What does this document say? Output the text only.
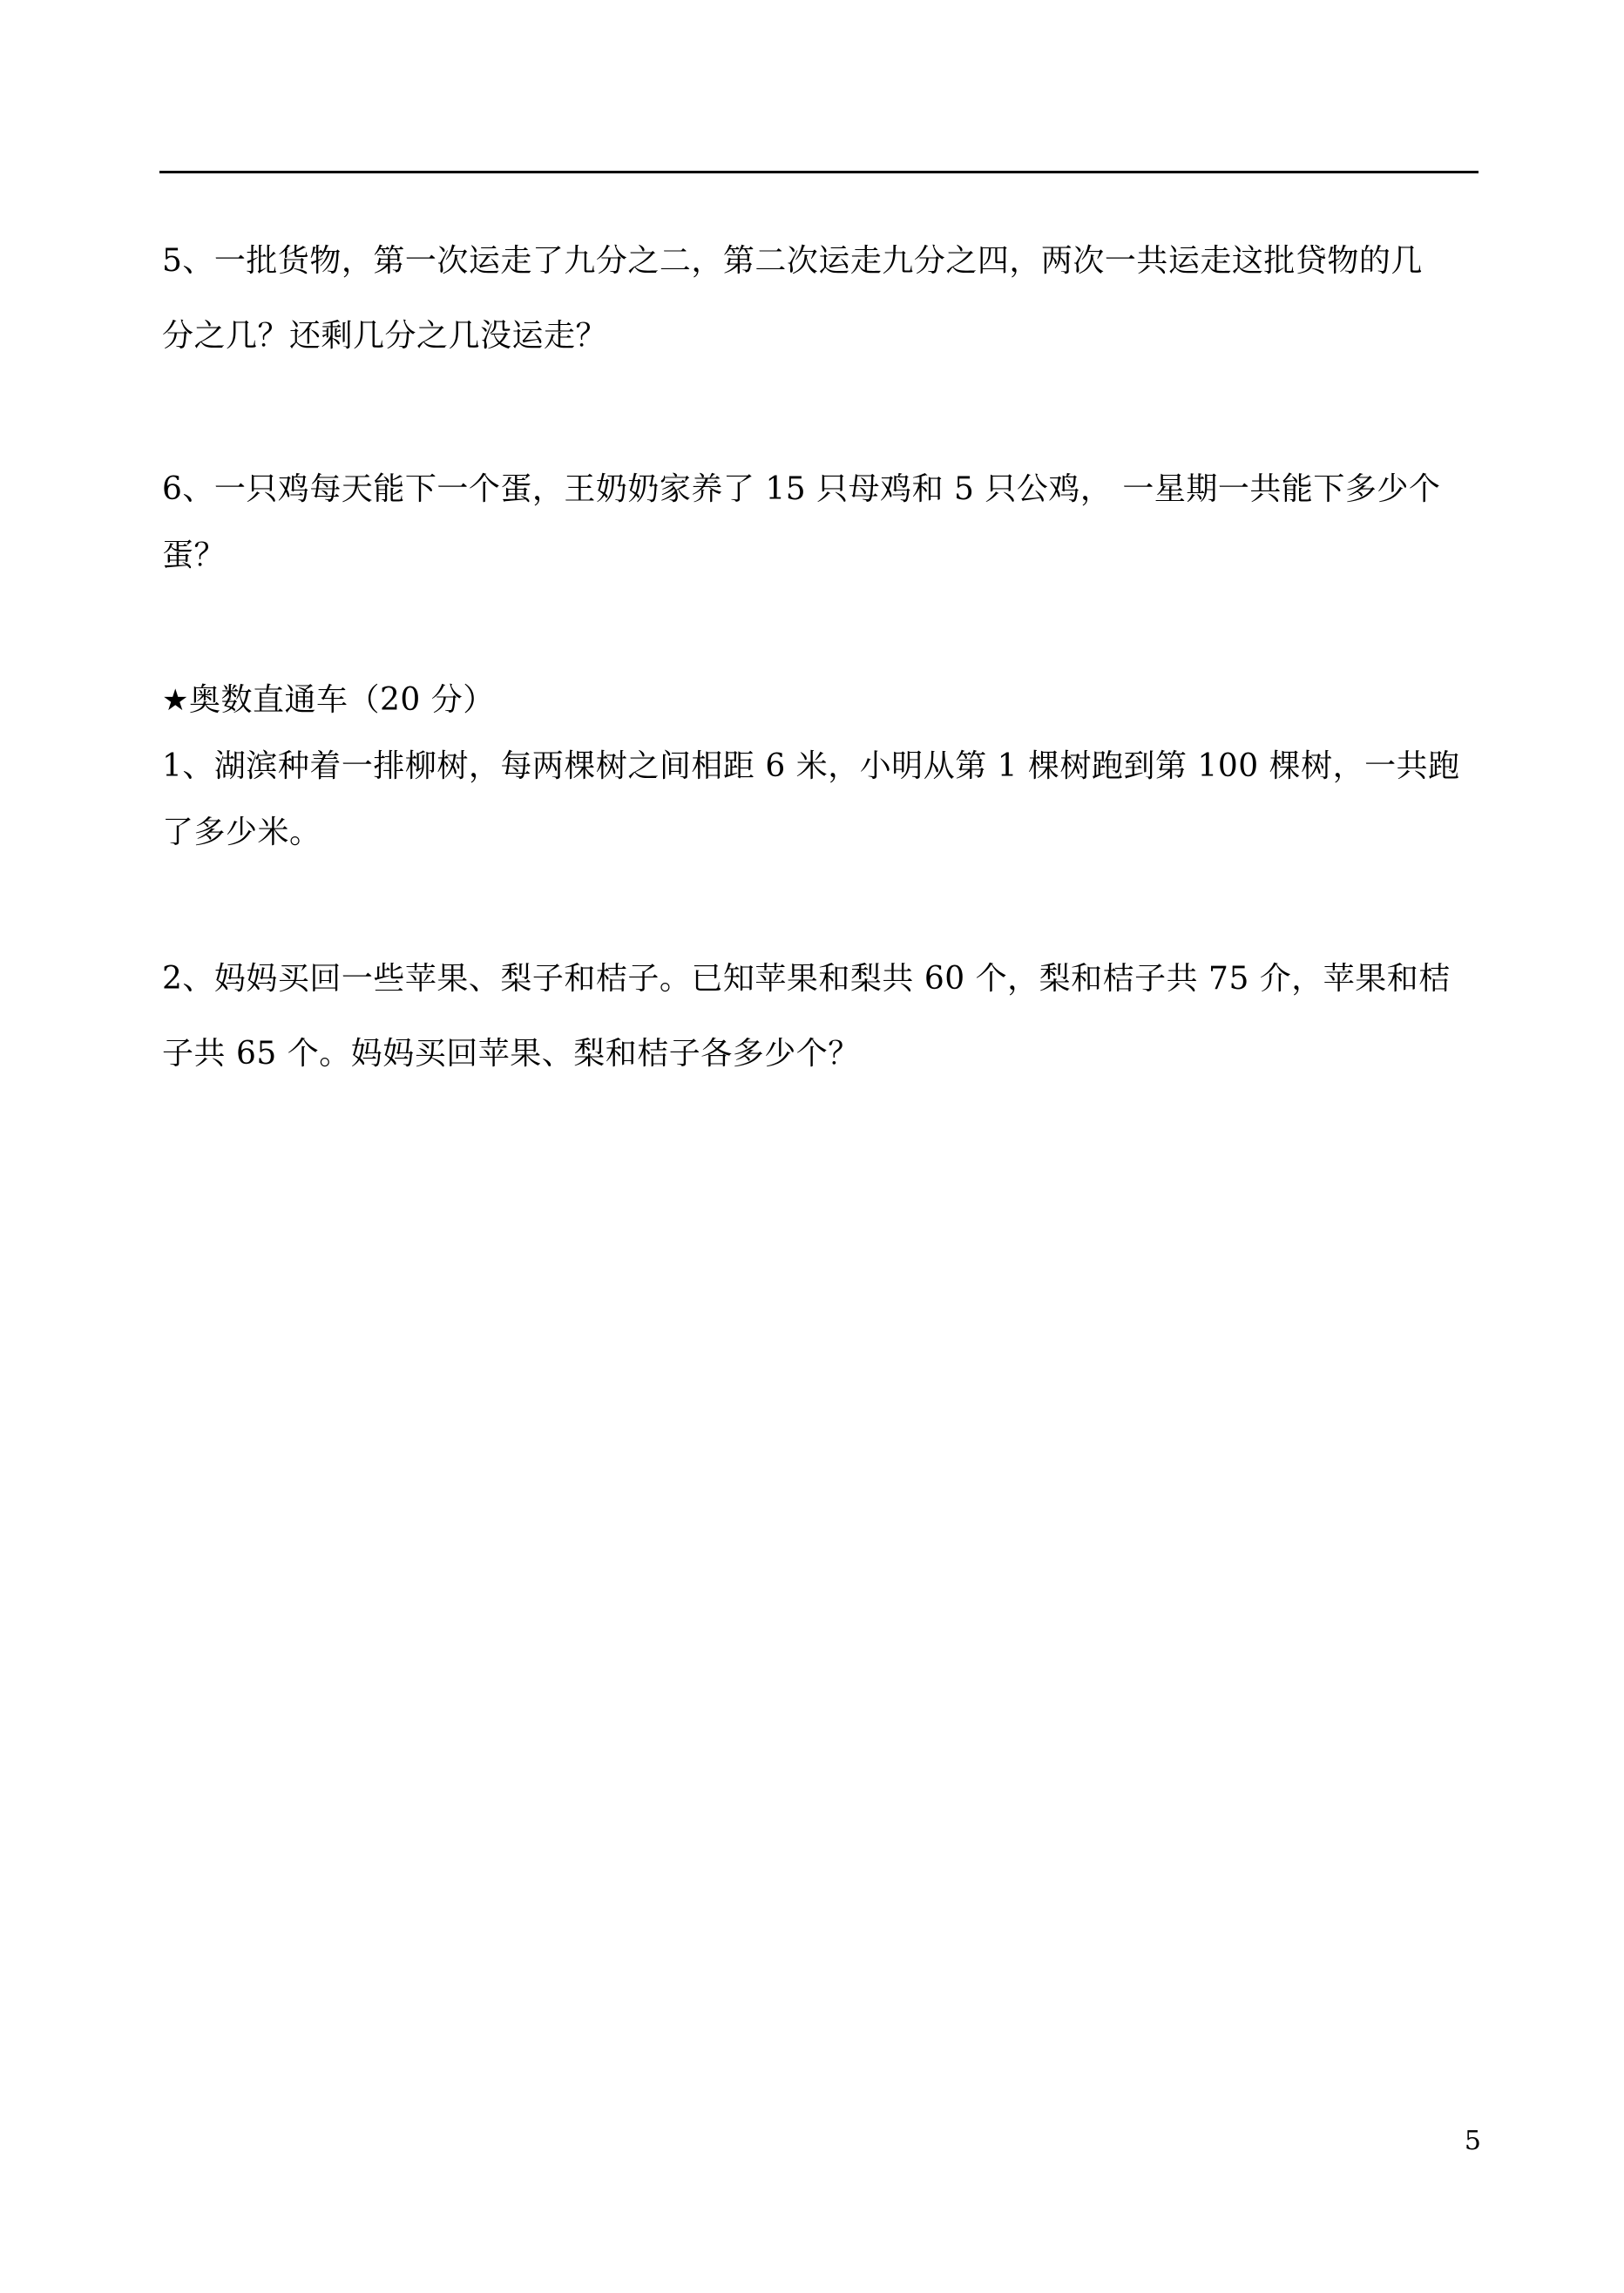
5、一批货物，第一次运走了九分之二，第二次运走九分之四，两次一共运走这批贷物的几

分之几？还剩几分之几没运走？

6、一只鸡每天能下一个蛋，王奶奶家养了 15 只母鸡和 5 只公鸡， 一星期一共能下多少个

蛋？

★奥数直通车（20 分）

1、湖滨种着一排柳树，每两棵树之间相距 6 米，小明从第 1 棵树跑到第 100 棵树，一共跑

了多少米。

2、妈妈买回一些苹果、梨子和桔子。已知苹果和梨共 60 个，梨和桔子共 75 介，苹果和桔

子共 65 个。妈妈买回苹果、梨和桔子各多少个？

5
